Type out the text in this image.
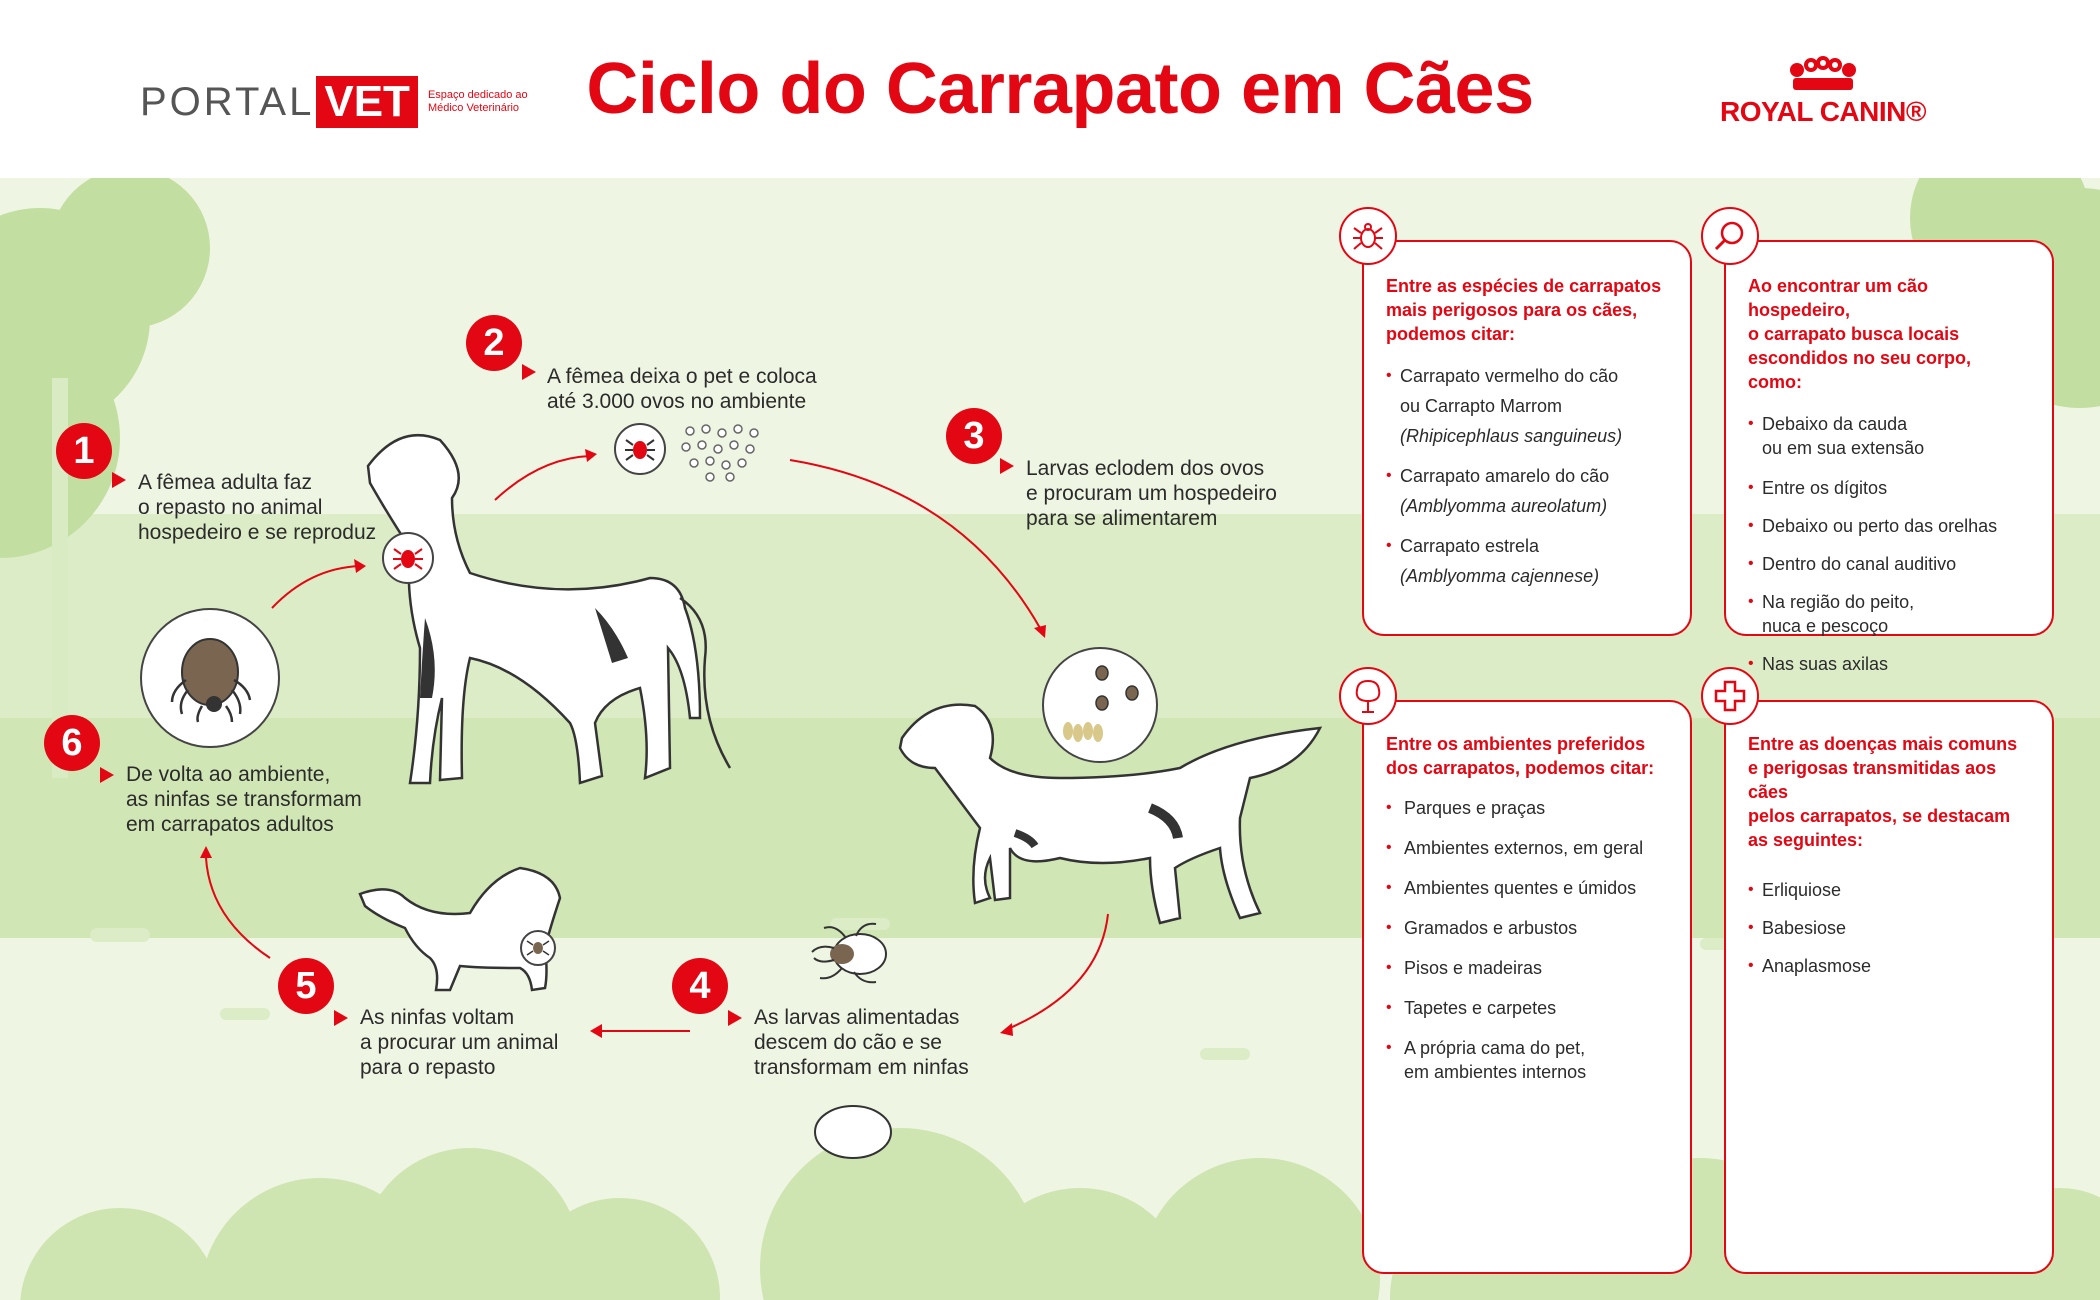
PORTAL VET	Espaço dedicado ao Médico Veterinário Ciclo do Carrapato em Cães	ROYAL CANIN®
1
A fêmea adulta faz
o repasto no animal
hospedeiro e se reproduz
2
A fêmea deixa o pet e coloca
até 3.000 ovos no ambiente
3
Larvas eclodem dos ovos
e procuram um hospedeiro
para se alimentarem
4
As larvas alimentadas
descem do cão e se
transformam em ninfas
5
As ninfas voltam
a procurar um animal
para o repasto
6
De volta ao ambiente,
as ninfas se transformam
em carrapatos adultos
Entre as espécies de carrapatos
mais perigosos para os cães,
podemos citar:
• Carrapato vermelho do cão
ou Carrapto Marrom
(Rhipicephlaus sanguineus)
• Carrapato amarelo do cão
(Amblyomma aureolatum)
• Carrapato estrela
(Amblyomma cajennese)
Ao encontrar um cão hospedeiro,
o carrapato busca locais
escondidos no seu corpo, como:
• Debaixo da cauda
ou em sua extensão
• Entre os dígitos
• Debaixo ou perto das orelhas
• Dentro do canal auditivo
• Na região do peito,
nuca e pescoço
• Nas suas axilas
Entre os ambientes preferidos
dos carrapatos, podemos citar:
• Parques e praças
• Ambientes externos, em geral
• Ambientes quentes e úmidos
• Gramados e arbustos
• Pisos e madeiras
• Tapetes e carpetes
• A própria cama do pet,
em ambientes internos
Entre as doenças mais comuns
e perigosas transmitidas aos cães
pelos carrapatos, se destacam
as seguintes:
• Erliquiose
• Babesiose
• Anaplasmose
